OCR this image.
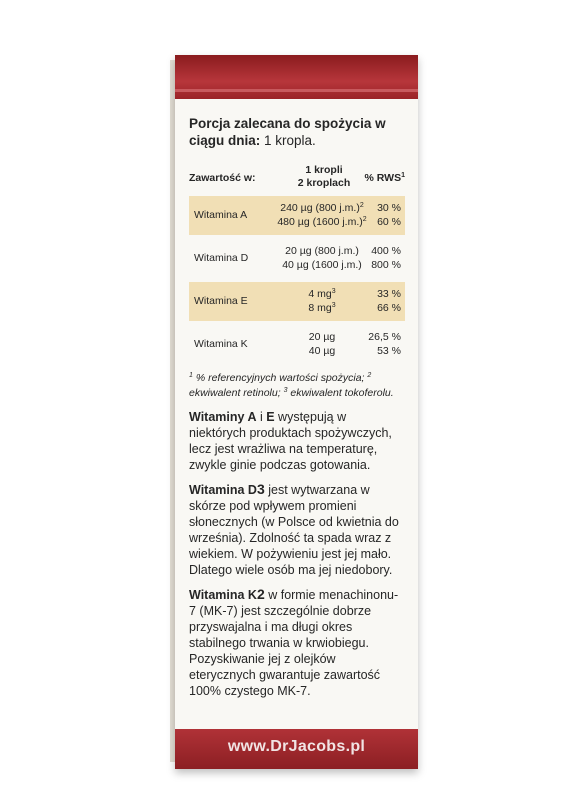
Porcja zalecana do spożycia w ciągu dnia: 1 kropla.
Zawartość w:
1 kropli
2 kroplach	% RWS$^1$
Witamina A
240 µg (800 j.m.)$^2$
480 µg (1600 j.m.)$^2$
30 %
60 %
Witamina D
20 µg (800 j.m.)
40 µg (1600 j.m.)
400 %
800 %
Witamina E
4 $mg^3$
8 $mg^3$
33 %
66 %
Witamina K
20 µg
40 µg
26,5 %
53 %
$^1$ % referencyjnych wartości spożycia; $^2$ ekwiwalent retinolu; $^3$ ekwiwalent tokoferolu.
Witaminy A i E występują w niektórych produktach spożywczych, lecz jest wrażliwa na temperaturę, zwykle ginie podczas gotowania.
Witamina D3 jest wytwarzana w skórze pod wpływem promieni słonecznych (w Polsce od kwietnia do września). Zdolność ta spada wraz z wiekiem. W pożywieniu jest jej mało. Dlatego wiele osób ma jej niedobory.
Witamina K2 w formie menachinonu-7 (MK-7) jest szczególnie dobrze przyswajalna i ma długi okres stabilnego trwania w krwiobiegu. Pozyskiwanie jej z olejków eterycznych gwarantuje zawartość 100% czystego MK-7.
www.DrJacobs.pl
